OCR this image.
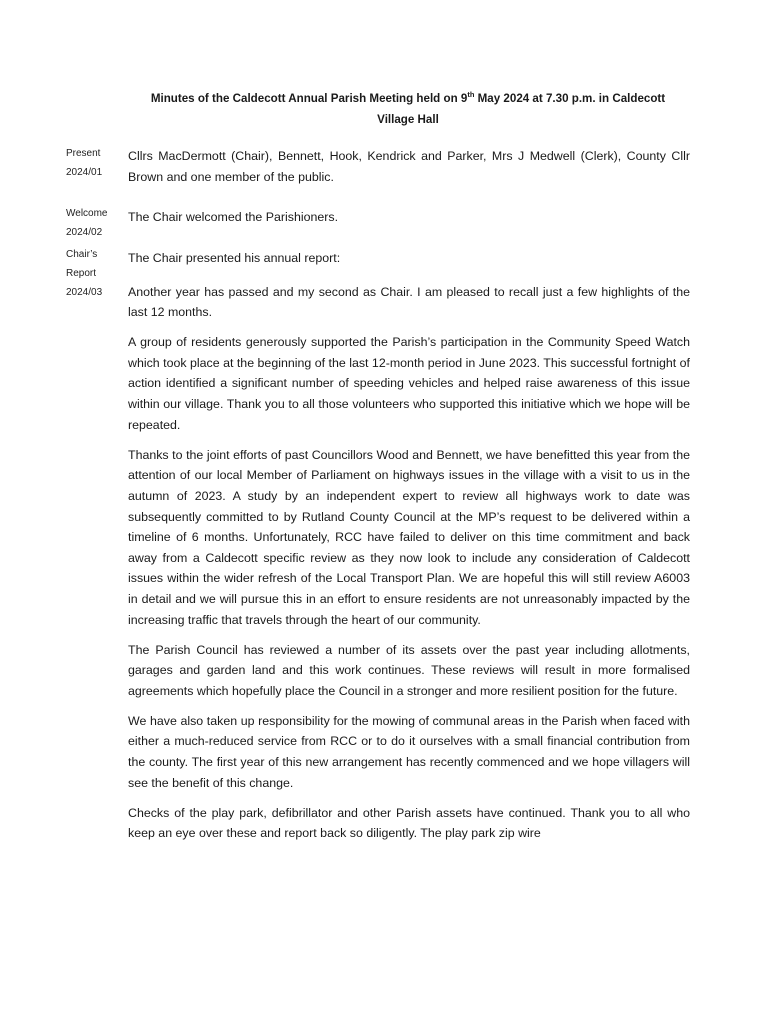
Minutes of the Caldecott Annual Parish Meeting held on 9th May 2024 at 7.30 p.m. in Caldecott
Village Hall
Present
2024/01

Cllrs MacDermott (Chair), Bennett, Hook, Kendrick and Parker, Mrs J Medwell (Clerk), County Cllr Brown and one member of the public.

Welcome
2024/02

The Chair welcomed the Parishioners.

Chair’s
Report
2024/03

The Chair presented his annual report:

Another year has passed and my second as Chair. I am pleased to recall just a few highlights of the last 12 months.

A group of residents generously supported the Parish’s participation in the Community Speed Watch which took place at the beginning of the last 12-month period in June 2023. This successful fortnight of action identified a significant number of speeding vehicles and helped raise awareness of this issue within our village. Thank you to all those volunteers who supported this initiative which we hope will be repeated.

Thanks to the joint efforts of past Councillors Wood and Bennett, we have benefitted this year from the attention of our local Member of Parliament on highways issues in the village with a visit to us in the autumn of 2023. A study by an independent expert to review all highways work to date was subsequently committed to by Rutland County Council at the MP’s request to be delivered within a timeline of 6 months. Unfortunately, RCC have failed to deliver on this time commitment and back away from a Caldecott specific review as they now look to include any consideration of Caldecott issues within the wider refresh of the Local Transport Plan. We are hopeful this will still review A6003 in detail and we will pursue this in an effort to ensure residents are not unreasonably impacted by the increasing traffic that travels through the heart of our community.

The Parish Council has reviewed a number of its assets over the past year including allotments, garages and garden land and this work continues. These reviews will result in more formalised agreements which hopefully place the Council in a stronger and more resilient position for the future.

We have also taken up responsibility for the mowing of communal areas in the Parish when faced with either a much-reduced service from RCC or to do it ourselves with a small financial contribution from the county. The first year of this new arrangement has recently commenced and we hope villagers will see the benefit of this change.

Checks of the play park, defibrillator and other Parish assets have continued. Thank you to all who keep an eye over these and report back so diligently. The play park zip wire
